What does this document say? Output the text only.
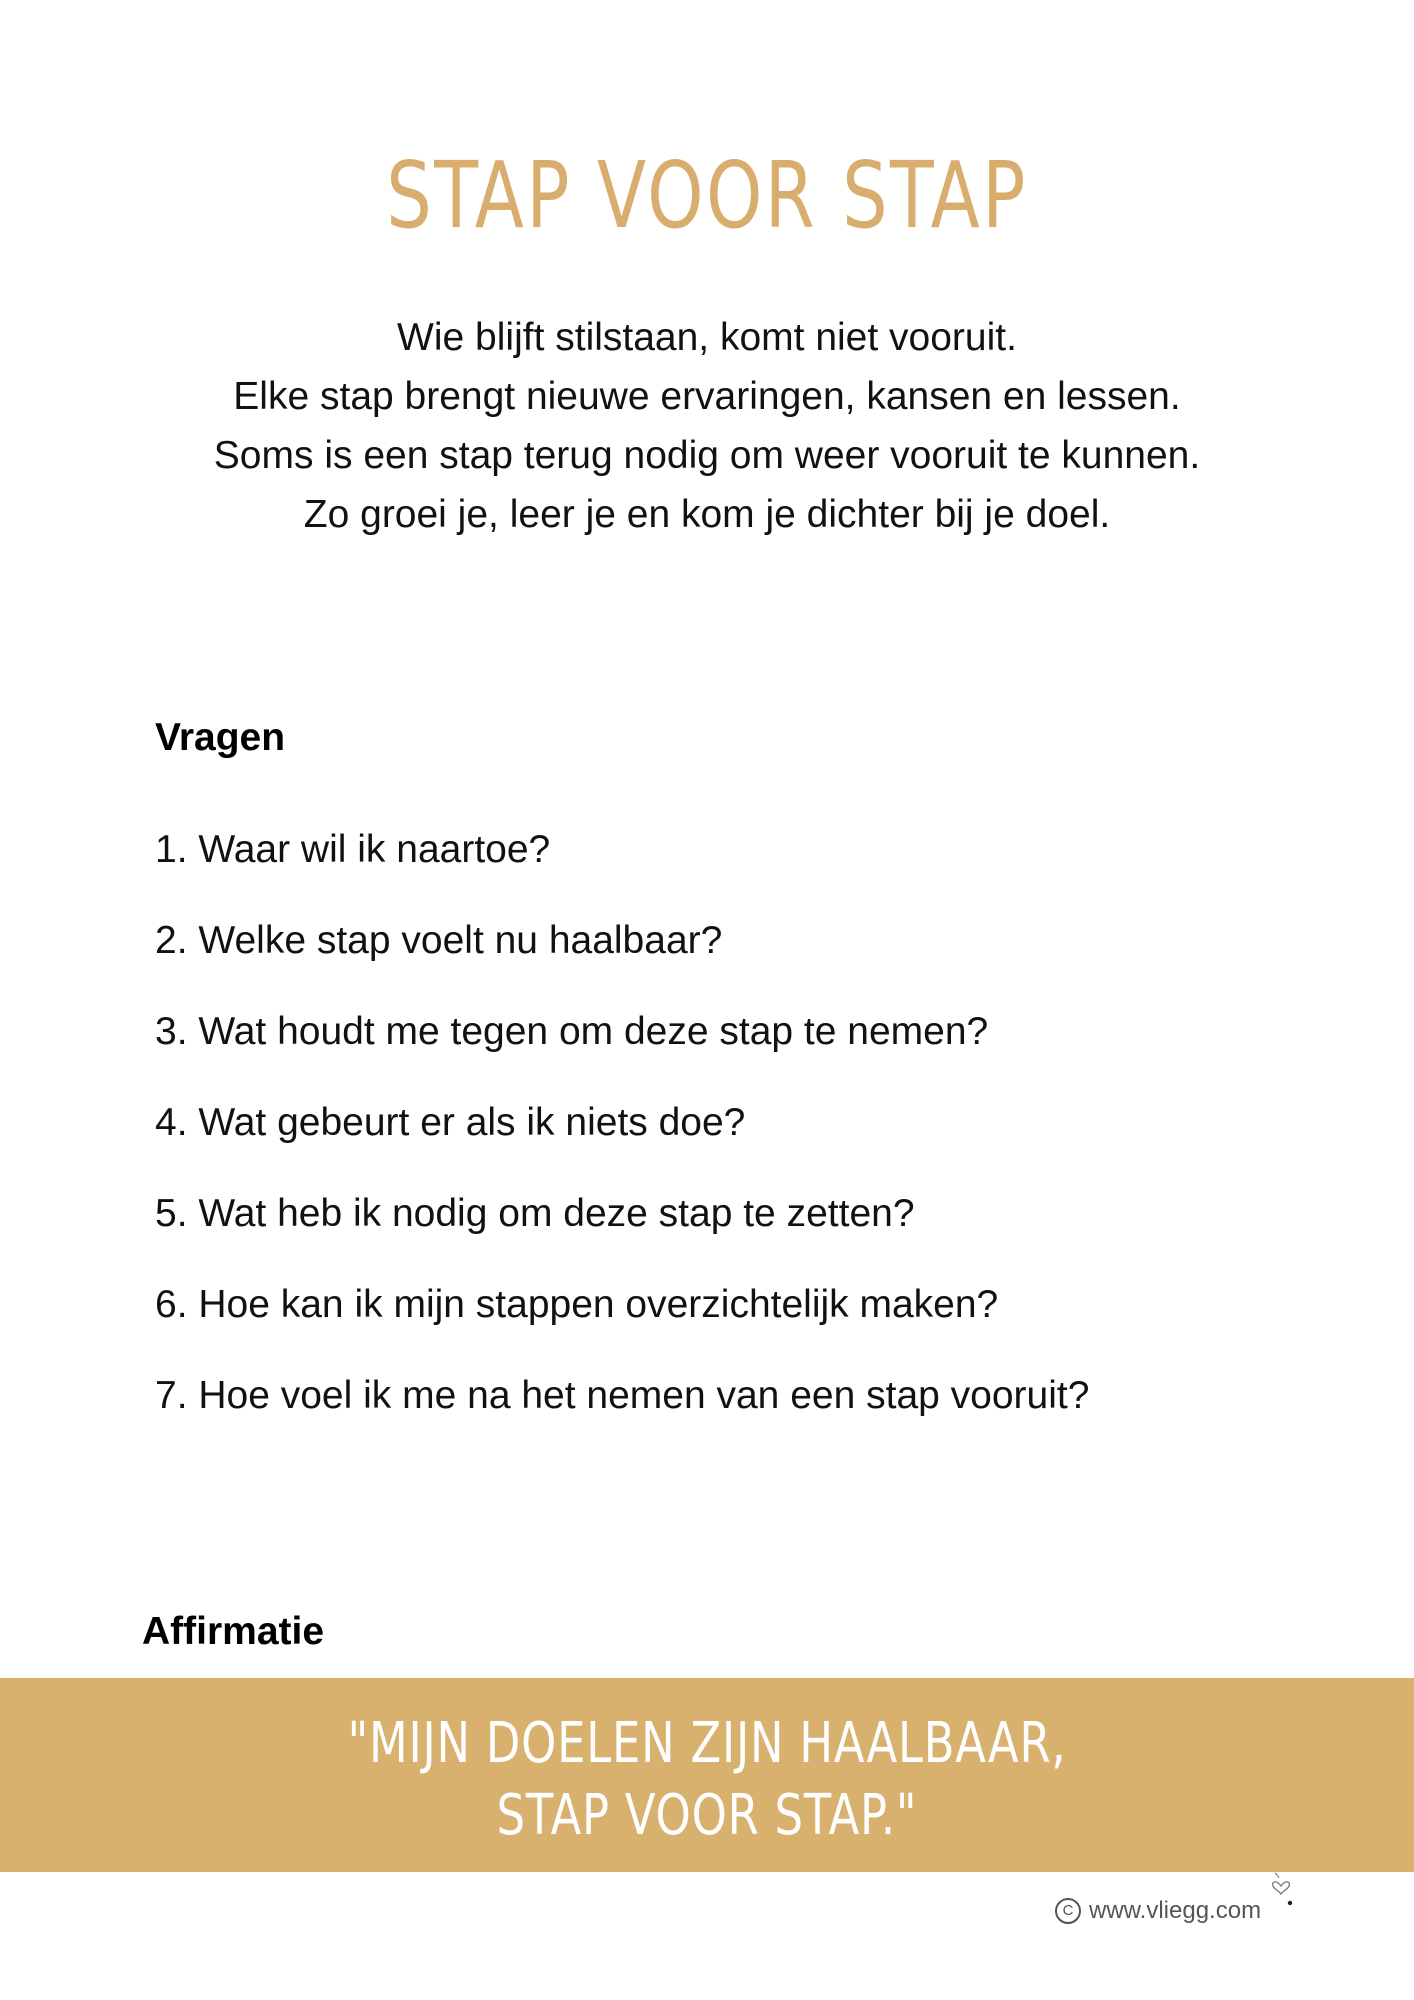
STAP VOOR STAP
Wie blijft stilstaan, komt niet vooruit.
Elke stap brengt nieuwe ervaringen, kansen en lessen.
Soms is een stap terug nodig om weer vooruit te kunnen.
Zo groei je, leer je en kom je dichter bij je doel.
Vragen
1. Waar wil ik naartoe?
2. Welke stap voelt nu haalbaar?
3. Wat houdt me tegen om deze stap te nemen?
4. Wat gebeurt er als ik niets doe?
5. Wat heb ik nodig om deze stap te zetten?
6. Hoe kan ik mijn stappen overzichtelijk maken?
7. Hoe voel ik me na het nemen van een stap vooruit?
Affirmatie
"MIJN DOELEN ZIJN HAALBAAR,
STAP VOOR STAP."
C www.vliegg.com
